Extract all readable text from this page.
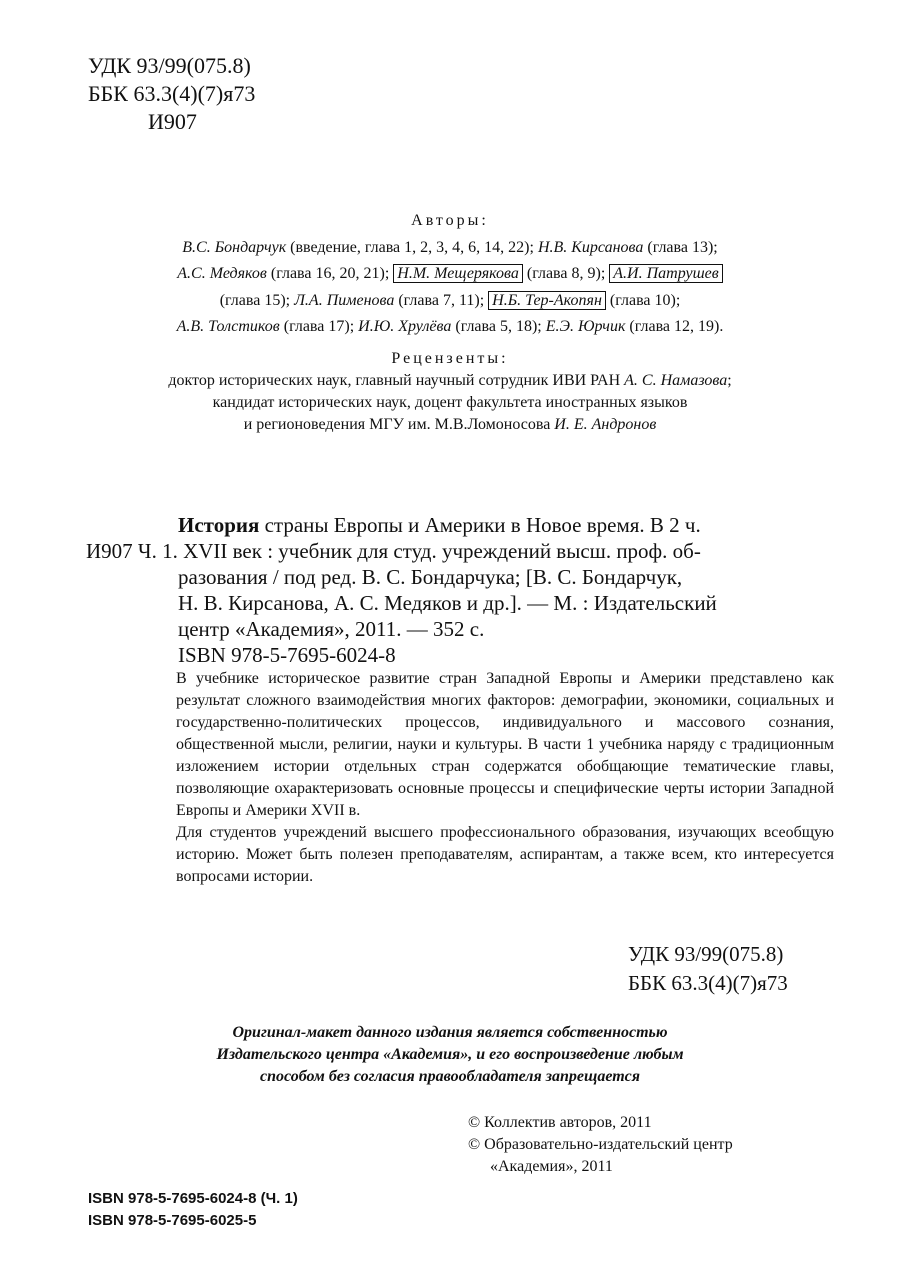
УДК 93/99(075.8)
ББК 63.3(4)(7)я73
И907
Авторы:
В.С. Бондарчук (введение, глава 1, 2, 3, 4, 6, 14, 22); Н.В. Кирсанова (глава 13);
А.С. Медяков (глава 16, 20, 21); Н.М. Мещерякова (глава 8, 9); А.И. Патрушев
(глава 15); Л.А. Пименова (глава 7, 11); Н.Б. Тер-Акопян (глава 10);
А.В. Толстиков (глава 17); И.Ю. Хрулёва (глава 5, 18); Е.Э. Юрчик (глава 12, 19).
Рецензенты:
доктор исторических наук, главный научный сотрудник ИВИ РАН А. С. Намазова;
кандидат исторических наук, доцент факультета иностранных языков
и регионоведения МГУ им. М.В.Ломоносова И. Е. Андронов
История страны Европы и Америки в Новое время. В 2 ч.
И907 Ч. 1. XVII век : учебник для студ. учреждений высш. проф. об-
разования / под ред. В. С. Бондарчука; [В. С. Бондарчук,
Н. В. Кирсанова, А. С. Медяков и др.]. — М. : Издательский
центр «Академия», 2011. — 352 с.
ISBN 978-5-7695-6024-8

В учебнике историческое развитие стран Западной Европы и Америки представлено как результат сложного взаимодействия многих факторов: демографии, экономики, социальных и государственно-политических процессов, индивидуального и массового сознания, общественной мысли, религии, науки и культуры. В части 1 учебника наряду с традиционным изложением истории отдельных стран содержатся обобщающие тематические главы, позволяющие охарактеризовать основные процессы и специфические черты истории Западной Европы и Америки XVII в.

Для студентов учреждений высшего профессионального образования, изучающих всеобщую историю. Может быть полезен преподавателям, аспирантам, а также всем, кто интересуется вопросами истории.

УДК 93/99(075.8)
ББК 63.3(4)(7)я73
Оригинал-макет данного издания является собственностью
Издательского центра «Академия», и его воспроизведение любым
способом без согласия правообладателя запрещается
© Коллектив авторов, 2011
© Образовательно-издательский центр
«Академия», 2011
ISBN 978-5-7695-6024-8 (Ч. 1)
ISBN 978-5-7695-6025-5
